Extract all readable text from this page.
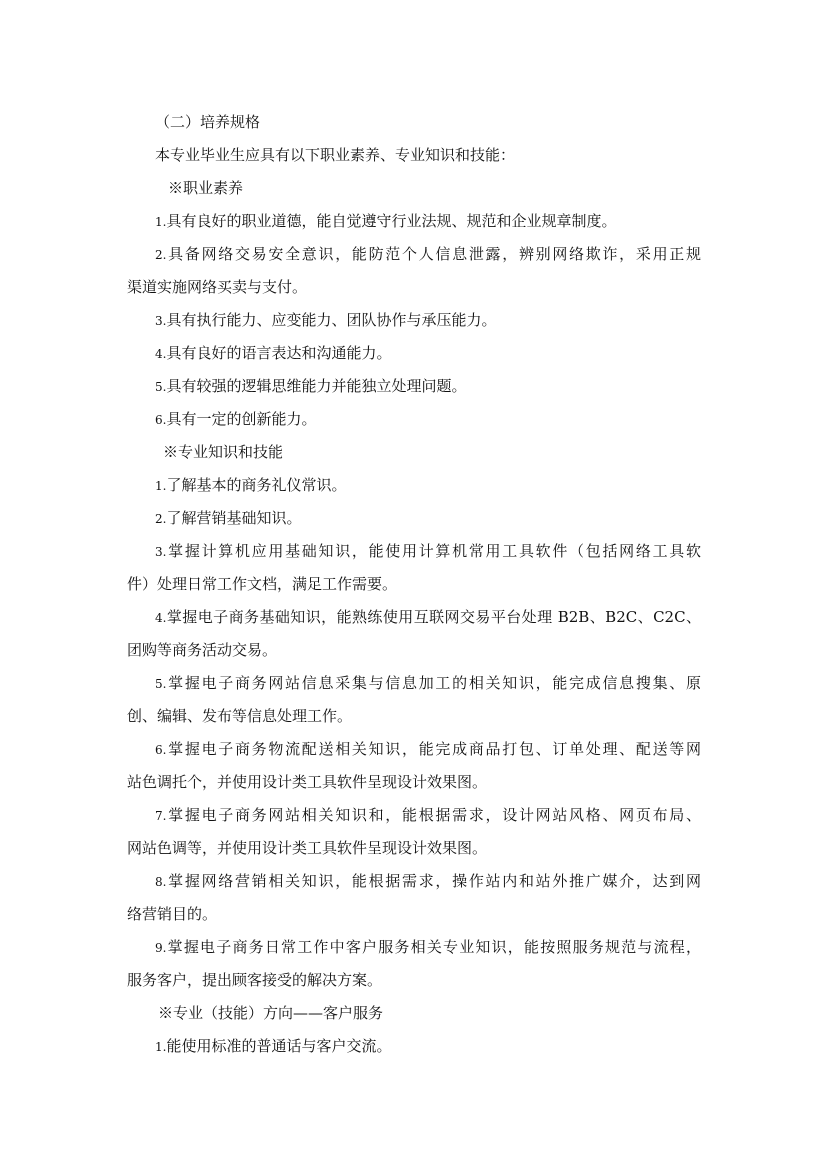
（二）培养规格
本专业毕业生应具有以下职业素养、专业知识和技能：
※职业素养
1.具有良好的职业道德，能自觉遵守行业法规、规范和企业规章制度。
2.具备网络交易安全意识，能防范个人信息泄露，辨别网络欺诈，采用正规
渠道实施网络买卖与支付。
3.具有执行能力、应变能力、团队协作与承压能力。
4.具有良好的语言表达和沟通能力。
5.具有较强的逻辑思维能力并能独立处理问题。
6.具有一定的创新能力。
※专业知识和技能
1.了解基本的商务礼仪常识。
2.了解营销基础知识。
3.掌握计算机应用基础知识，能使用计算机常用工具软件（包括网络工具软
件）处理日常工作文档，满足工作需要。
4.掌握电子商务基础知识，能熟练使用互联网交易平台处理 B2B、B2C、C2C、
团购等商务活动交易。
5.掌握电子商务网站信息采集与信息加工的相关知识，能完成信息搜集、原
创、编辑、发布等信息处理工作。
6.掌握电子商务物流配送相关知识，能完成商品打包、订单处理、配送等网
站色调托个，并使用设计类工具软件呈现设计效果图。
7.掌握电子商务网站相关知识和，能根据需求，设计网站风格、网页布局、
网站色调等，并使用设计类工具软件呈现设计效果图。
8.掌握网络营销相关知识，能根据需求，操作站内和站外推广媒介，达到网
络营销目的。
9.掌握电子商务日常工作中客户服务相关专业知识，能按照服务规范与流程，
服务客户，提出顾客接受的解决方案。
※专业（技能）方向——客户服务
1.能使用标准的普通话与客户交流。
